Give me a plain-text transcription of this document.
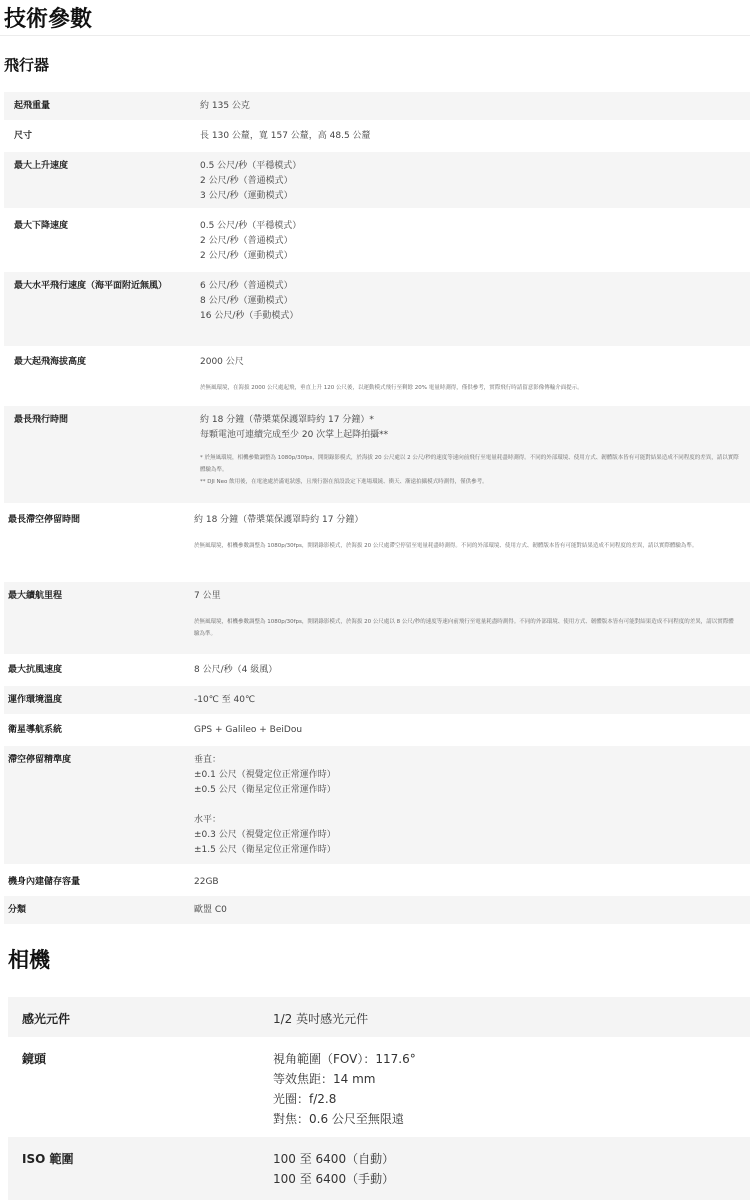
技術參數
飛行器
起飛重量	約 135 公克
尺寸	長 130 公釐，寬 157 公釐，高 48.5 公釐
最大上升速度	0.5 公尺/秒（平穩模式）
2 公尺/秒（普通模式）
3 公尺/秒（運動模式）
最大下降速度	0.5 公尺/秒（平穩模式）
2 公尺/秒（普通模式）
2 公尺/秒（運動模式）
最大水平飛行速度（海平面附近無風）	6 公尺/秒（普通模式）
8 公尺/秒（運動模式）
16 公尺/秒（手動模式）
最大起飛海拔高度	2000 公尺
於無風環境，在海拔 2000 公尺處起飛，垂直上升 120 公尺後，以運動模式飛行至剩餘 20% 電量時測得，僅供參考，實際飛行時請留意影像傳輸介面提示。
最長飛行時間	約 18 分鐘（帶槳葉保護罩時約 17 分鐘）*
每顆電池可連續完成至少 20 次掌上起降拍攝**
* 於無風環境，相機參數調整為 1080p/30fps，開閉錄影模式，於海拔 20 公尺處以 2 公尺/秒的速度等速向前飛行至電量耗盡時測得。不同的外部環境、使用方式、韌體版本皆有可能對結果造成不同程度的差異，請以實際體驗為準。
** DJI Neo 飲用後，在電池處於滿電狀態，且飛行器在預設設定下進場環繞、衝天、漸遠拍攝模式時測得，僅供參考。
最長滯空停留時間	約 18 分鐘（帶槳葉保護罩時約 17 分鐘）
於無風環境，相機參數調整為 1080p/30fps，開閉錄影模式，於海拔 20 公尺處滯空停留至電量耗盡時測得。不同的外部環境、使用方式、韌體版本皆有可能對結果造成不同程度的差異，請以實際體驗為準。
最大續航里程	7 公里
於無風環境，相機參數調整為 1080p/30fps，開閉錄影模式，於海拔 20 公尺處以 8 公尺/秒的速度等速向前飛行至電量耗盡時測得。不同的外部環境、使用方式、韌體版本皆有可能對結果造成不同程度的差異，請以實際體驗為準。
最大抗風速度	8 公尺/秒（4 級風）
運作環境溫度	-10℃ 至 40℃
衛星導航系統	GPS + Galileo + BeiDou
滯空停留精準度	垂直：
±0.1 公尺（視覺定位正常運作時）
±0.5 公尺（衛星定位正常運作時）

水平：
±0.3 公尺（視覺定位正常運作時）
±1.5 公尺（衛星定位正常運作時）
機身內建儲存容量	22GB
分類	歐盟 C0
相機
感光元件	1/2 英吋感光元件
鏡頭	視角範圍（FOV）：117.6°
等效焦距：14 mm
光圈：f/2.8
對焦：0.6 公尺至無限遠
ISO 範圍	100 至 6400（自動）
100 至 6400（手動）
